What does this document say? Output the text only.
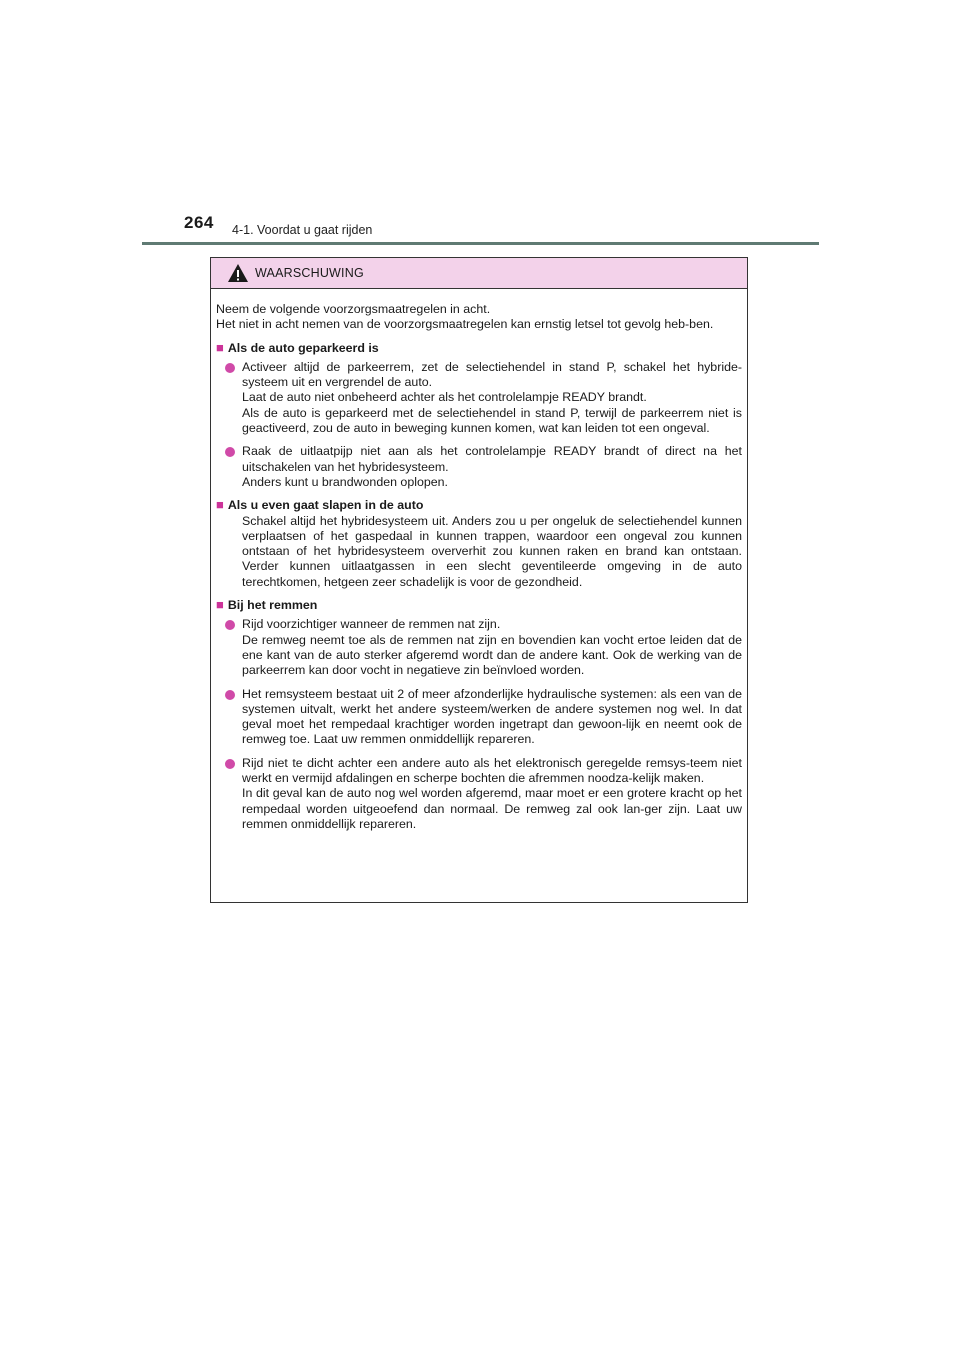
264 4-1. Voordat u gaat rijden
WAARSCHUWING

Neem de volgende voorzorgsmaatregelen in acht.

Het niet in acht nemen van de voorzorgsmaatregelen kan ernstig letsel tot gevolg heb-ben.

■ Als de auto geparkeerd is

Activeer altijd de parkeerrem, zet de selectiehendel in stand P, schakel het hybride-systeem uit en vergrendel de auto.

Laat de auto niet onbeheerd achter als het controlelampje READY brandt.

Als de auto is geparkeerd met de selectiehendel in stand P, terwijl de parkeerrem niet is geactiveerd, zou de auto in beweging kunnen komen, wat kan leiden tot een ongeval.

Raak de uitlaatpijp niet aan als het controlelampje READY brandt of direct na het uitschakelen van het hybridesysteem.

Anders kunt u brandwonden oplopen.

■ Als u even gaat slapen in de auto

Schakel altijd het hybridesysteem uit. Anders zou u per ongeluk de selectiehendel kunnen verplaatsen of het gaspedaal in kunnen trappen, waardoor een ongeval zou kunnen ontstaan of het hybridesysteem oververhit zou kunnen raken en brand kan ontstaan. Verder kunnen uitlaatgassen in een slecht geventileerde omgeving in de auto terechtkomen, hetgeen zeer schadelijk is voor de gezondheid.

■ Bij het remmen

Rijd voorzichtiger wanneer de remmen nat zijn.

De remweg neemt toe als de remmen nat zijn en bovendien kan vocht ertoe leiden dat de ene kant van de auto sterker afgeremd wordt dan de andere kant. Ook de werking van de parkeerrem kan door vocht in negatieve zin beïnvloed worden.

Het remsysteem bestaat uit 2 of meer afzonderlijke hydraulische systemen: als een van de systemen uitvalt, werkt het andere systeem/werken de andere systemen nog wel. In dat geval moet het rempedaal krachtiger worden ingetrapt dan gewoon-lijk en neemt ook de remweg toe. Laat uw remmen onmiddellijk repareren.

Rijd niet te dicht achter een andere auto als het elektronisch geregelde remsys-teem niet werkt en vermijd afdalingen en scherpe bochten die afremmen noodza-kelijk maken.

In dit geval kan de auto nog wel worden afgeremd, maar moet er een grotere kracht op het rempedaal worden uitgeoefend dan normaal. De remweg zal ook lan-ger zijn. Laat uw remmen onmiddellijk repareren.
